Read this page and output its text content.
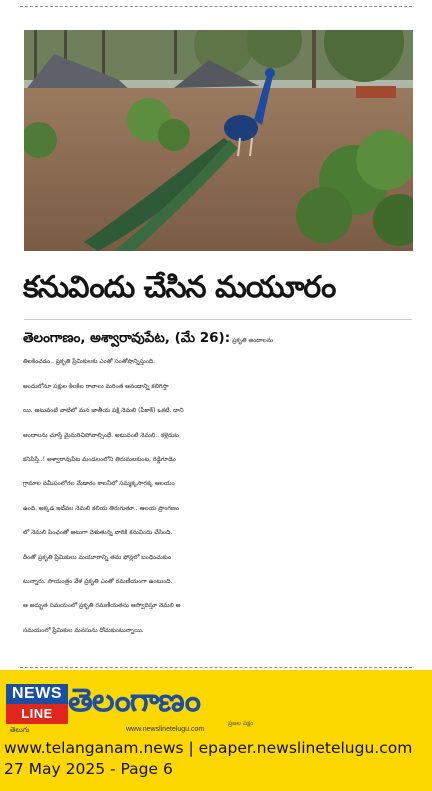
కనువిందు చేసిన మయూరం
తెలంగాణం, అశ్వారావుపేట, (మే 26): ప్రకృతి అందాలను
తిలకించడం.. ప్రకృతి ప్రేమికులకు ఎంతో సంతోషాన్నిస్తుంది.
అందులోనూ పక్షుల కిలకిల రావాలు మరింత ఆనందాన్ని కలిగిస్తా
యి. అటువంటి వాటిలో మన జాతీయ పక్షి నెమలి (పీకాక్) ఒకటి. దాని
అందాలను చూస్తే మైమరిచిపోవాల్సిందే. అటువంటి నెమలి.. కళ్లెదుట
కనిపిస్తే..! అశ్వారావుపేట మండలంలోని తిరుమలకుంట, రెడ్డిగూడెం
గ్రామాల సమీపంలోగల మేడారం కాలనీలో సమ్మక్కసారక్క ఆలయం
ఉంది. అక్కడ ఇటీవల నెమలి కలియ తిరుగుతూ.. ఆలయ ప్రాంగణం
లో నెమలి పింఛంతో అటుగా వెళుతున్న వారికి కనువిందు చేసింది.
దీంతో ప్రకృతి ప్రేమికులు మయూరాన్ని తమ ఫోన్లలో బంధించుకుం
టున్నారు. సాయంత్రం వేళ ప్రకృతి ఎంతో రమణీయంగా ఉంటుంది.
ఆ అద్భుత సమయంలో ప్రకృతి రమణీయతను ఆస్వాదిస్తూ నెమలి అ
సమయంలో ప్రేమికుల మనసును దోచుకుంటున్నాయి.
NEWS
LINE
తెలుగు
తెలంగాణం
ప్రజల పక్షం
www.newslinetelugu.com
www.telanganam.news | epaper.newslinetelugu.com
27 May 2025 - Page 6
